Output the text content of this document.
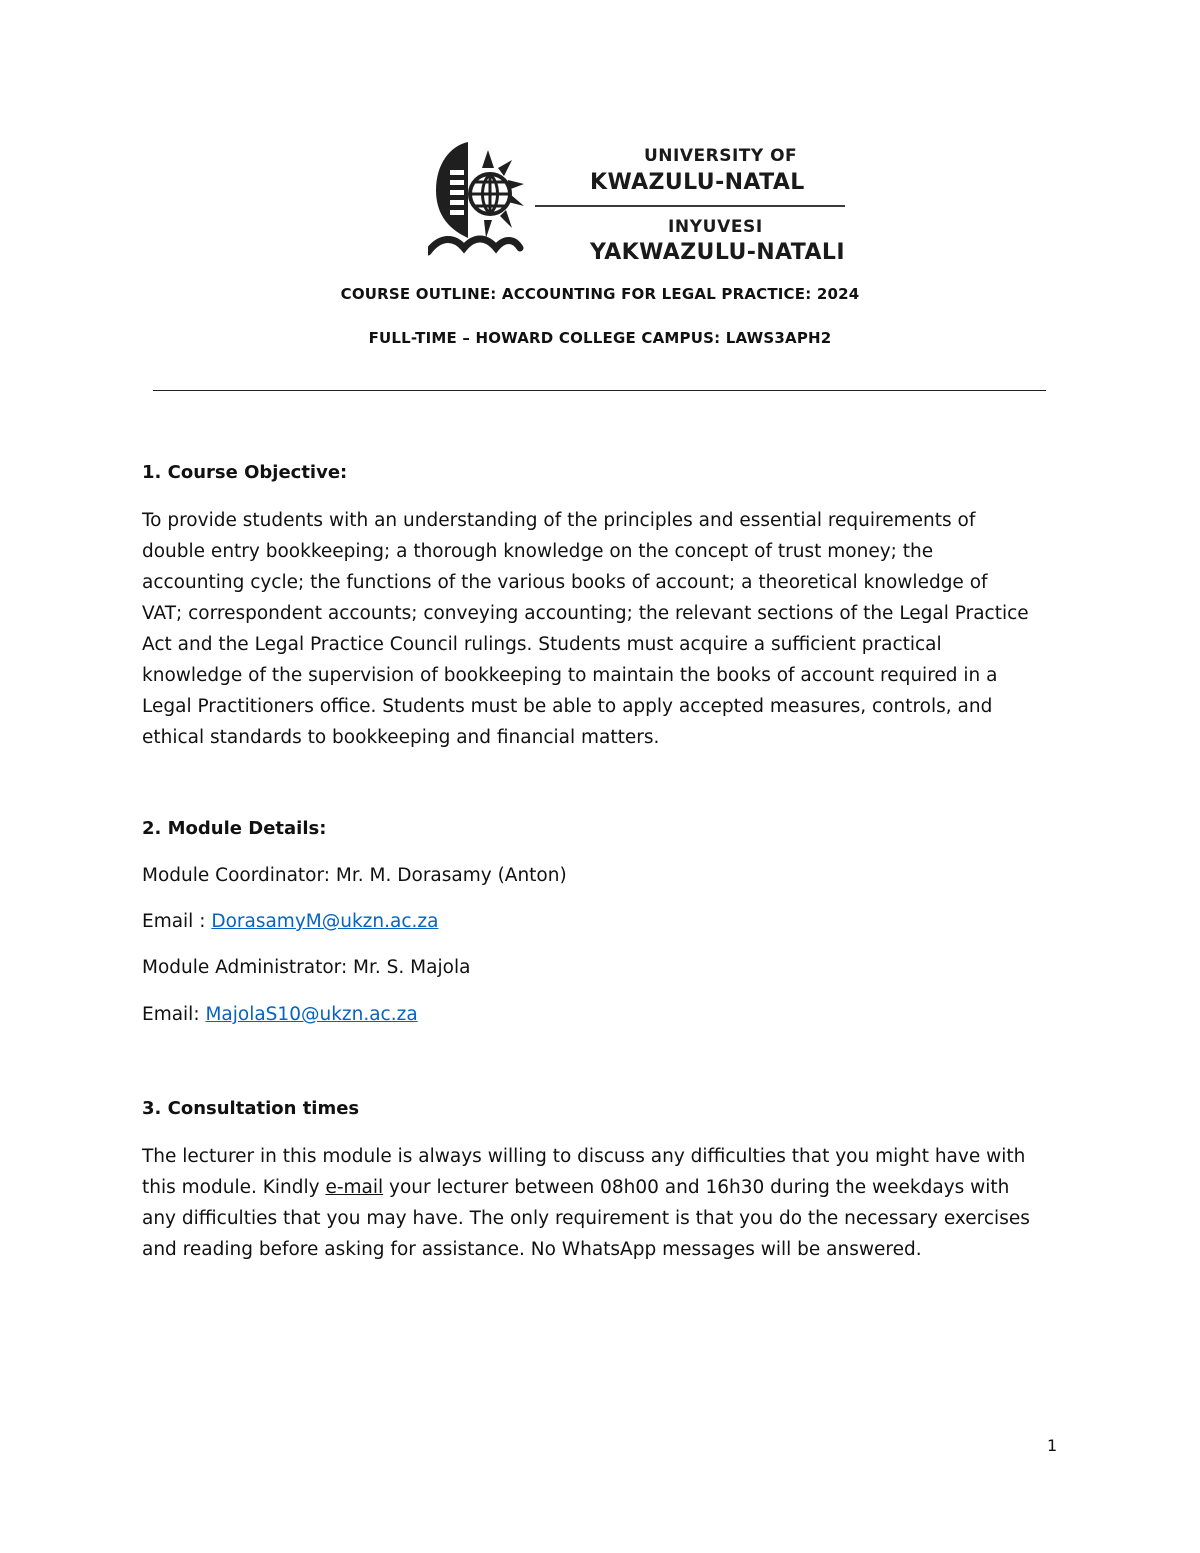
UNIVERSITY OF
KWAZULU-NATAL
INYUVESI
YAKWAZULU-NATALI
COURSE OUTLINE: ACCOUNTING FOR LEGAL PRACTICE: 2024
FULL-TIME – HOWARD COLLEGE CAMPUS: LAWS3APH2
1. Course Objective:
To provide students with an understanding of the principles and essential requirements of
double entry bookkeeping; a thorough knowledge on the concept of trust money; the
accounting cycle; the functions of the various books of account; a theoretical knowledge of
VAT; correspondent accounts; conveying accounting; the relevant sections of the Legal Practice
Act and the Legal Practice Council rulings. Students must acquire a sufficient practical
knowledge of the supervision of bookkeeping to maintain the books of account required in a
Legal Practitioners office. Students must be able to apply accepted measures, controls, and
ethical standards to bookkeeping and financial matters.
2. Module Details:
Module Coordinator: Mr. M. Dorasamy (Anton)
Email : DorasamyM@ukzn.ac.za
Module Administrator: Mr. S. Majola
Email: MajolaS10@ukzn.ac.za
3. Consultation times
The lecturer in this module is always willing to discuss any difficulties that you might have with
this module. Kindly e-mail your lecturer between 08h00 and 16h30 during the weekdays with
any difficulties that you may have. The only requirement is that you do the necessary exercises
and reading before asking for assistance. No WhatsApp messages will be answered.
1
